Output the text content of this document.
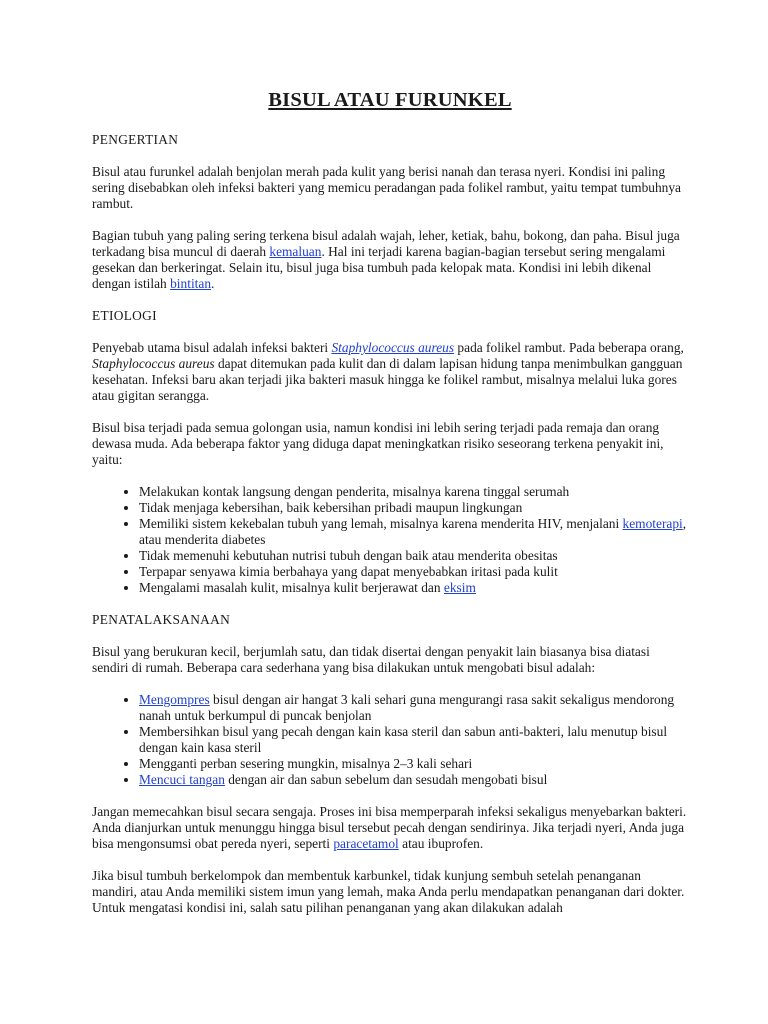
BISUL ATAU FURUNKEL
PENGERTIAN

Bisul atau furunkel adalah benjolan merah pada kulit yang berisi nanah dan terasa nyeri. Kondisi ini paling sering disebabkan oleh infeksi bakteri yang memicu peradangan pada folikel rambut, yaitu tempat tumbuhnya rambut.

Bagian tubuh yang paling sering terkena bisul adalah wajah, leher, ketiak, bahu, bokong, dan paha. Bisul juga terkadang bisa muncul di daerah kemaluan. Hal ini terjadi karena bagian-bagian tersebut sering mengalami gesekan dan berkeringat. Selain itu, bisul juga bisa tumbuh pada kelopak mata. Kondisi ini lebih dikenal dengan istilah bintitan.

ETIOLOGI

Penyebab utama bisul adalah infeksi bakteri Staphylococcus aureus pada folikel rambut. Pada beberapa orang, Staphylococcus aureus dapat ditemukan pada kulit dan di dalam lapisan hidung tanpa menimbulkan gangguan kesehatan. Infeksi baru akan terjadi jika bakteri masuk hingga ke folikel rambut, misalnya melalui luka gores atau gigitan serangga.

Bisul bisa terjadi pada semua golongan usia, namun kondisi ini lebih sering terjadi pada remaja dan orang dewasa muda. Ada beberapa faktor yang diduga dapat meningkatkan risiko seseorang terkena penyakit ini, yaitu:

• Melakukan kontak langsung dengan penderita, misalnya karena tinggal serumah
• Tidak menjaga kebersihan, baik kebersihan pribadi maupun lingkungan
• Memiliki sistem kekebalan tubuh yang lemah, misalnya karena menderita HIV, menjalani kemoterapi, atau menderita diabetes
• Tidak memenuhi kebutuhan nutrisi tubuh dengan baik atau menderita obesitas
• Terpapar senyawa kimia berbahaya yang dapat menyebabkan iritasi pada kulit
• Mengalami masalah kulit, misalnya kulit berjerawat dan eksim
PENATALAKSANAAN

Bisul yang berukuran kecil, berjumlah satu, dan tidak disertai dengan penyakit lain biasanya bisa diatasi sendiri di rumah. Beberapa cara sederhana yang bisa dilakukan untuk mengobati bisul adalah:

• Mengompres bisul dengan air hangat 3 kali sehari guna mengurangi rasa sakit sekaligus mendorong nanah untuk berkumpul di puncak benjolan
• Membersihkan bisul yang pecah dengan kain kasa steril dan sabun anti-bakteri, lalu menutup bisul dengan kain kasa steril
• Mengganti perban sesering mungkin, misalnya 2–3 kali sehari
• Mencuci tangan dengan air dan sabun sebelum dan sesudah mengobati bisul

Jangan memecahkan bisul secara sengaja. Proses ini bisa memperparah infeksi sekaligus menyebarkan bakteri. Anda dianjurkan untuk menunggu hingga bisul tersebut pecah dengan sendirinya. Jika terjadi nyeri, Anda juga bisa mengonsumsi obat pereda nyeri, seperti paracetamol atau ibuprofen.

Jika bisul tumbuh berkelompok dan membentuk karbunkel, tidak kunjung sembuh setelah penanganan mandiri, atau Anda memiliki sistem imun yang lemah, maka Anda perlu mendapatkan penanganan dari dokter. Untuk mengatasi kondisi ini, salah satu pilihan penanganan yang akan dilakukan adalah
